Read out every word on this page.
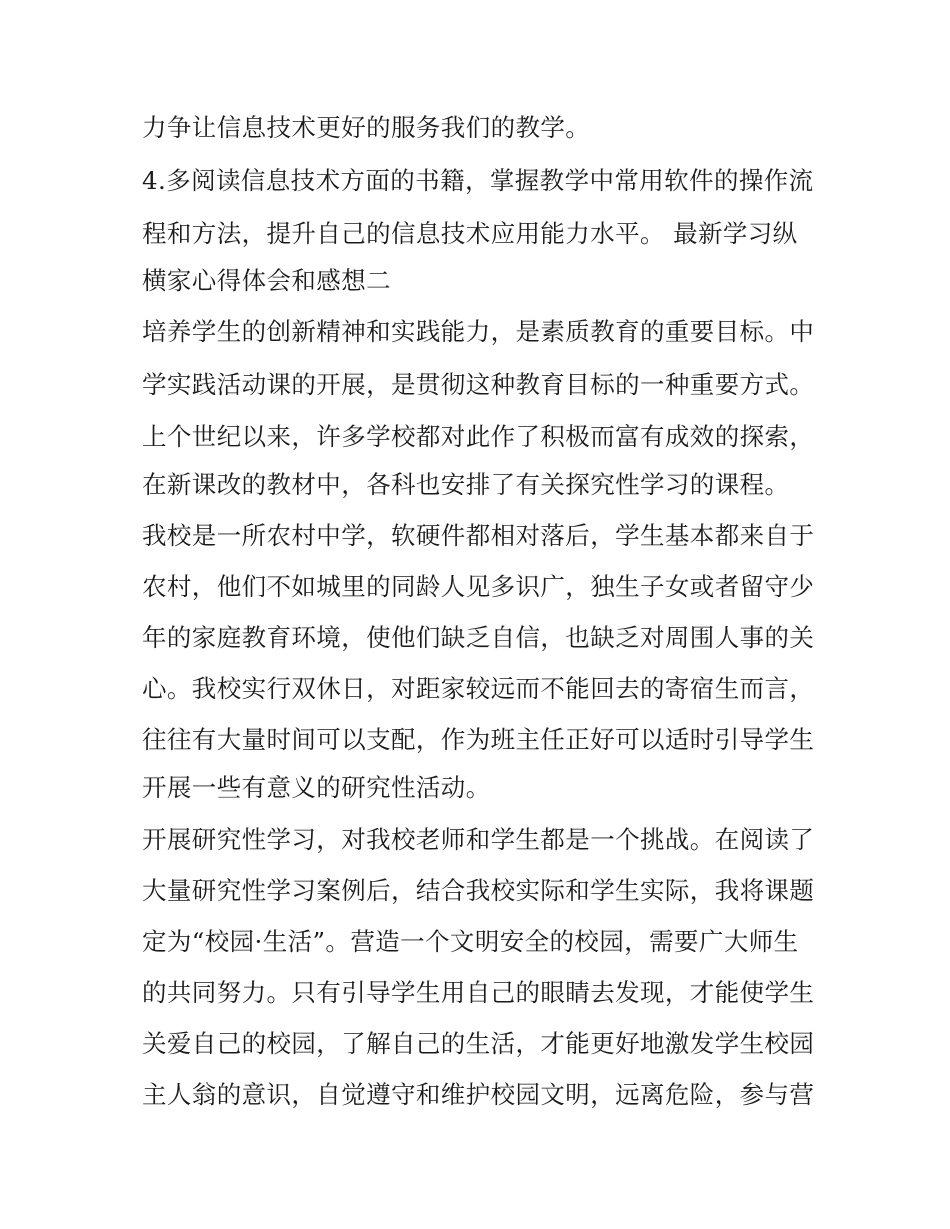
力争让信息技术更好的服务我们的教学。

4.多阅读信息技术方面的书籍，掌握教学中常用软件的操作流

程和方法，提升自己的信息技术应用能力水平。 最新学习纵

横家心得体会和感想二

培养学生的创新精神和实践能力，是素质教育的重要目标。中

学实践活动课的开展，是贯彻这种教育目标的一种重要方式。

上个世纪以来，许多学校都对此作了积极而富有成效的探索，

在新课改的教材中，各科也安排了有关探究性学习的课程。

我校是一所农村中学，软硬件都相对落后，学生基本都来自于

农村，他们不如城里的同龄人见多识广，独生子女或者留守少

年的家庭教育环境，使他们缺乏自信，也缺乏对周围人事的关

心。我校实行双休日，对距家较远而不能回去的寄宿生而言，

往往有大量时间可以支配，作为班主任正好可以适时引导学生

开展一些有意义的研究性活动。

开展研究性学习，对我校老师和学生都是一个挑战。在阅读了

大量研究性学习案例后，结合我校实际和学生实际，我将课题

定为“校园·生活”。营造一个文明安全的校园，需要广大师生

的共同努力。只有引导学生用自己的眼睛去发现，才能使学生

关爱自己的校园，了解自己的生活，才能更好地激发学生校园

主人翁的意识，自觉遵守和维护校园文明，远离危险，参与营
